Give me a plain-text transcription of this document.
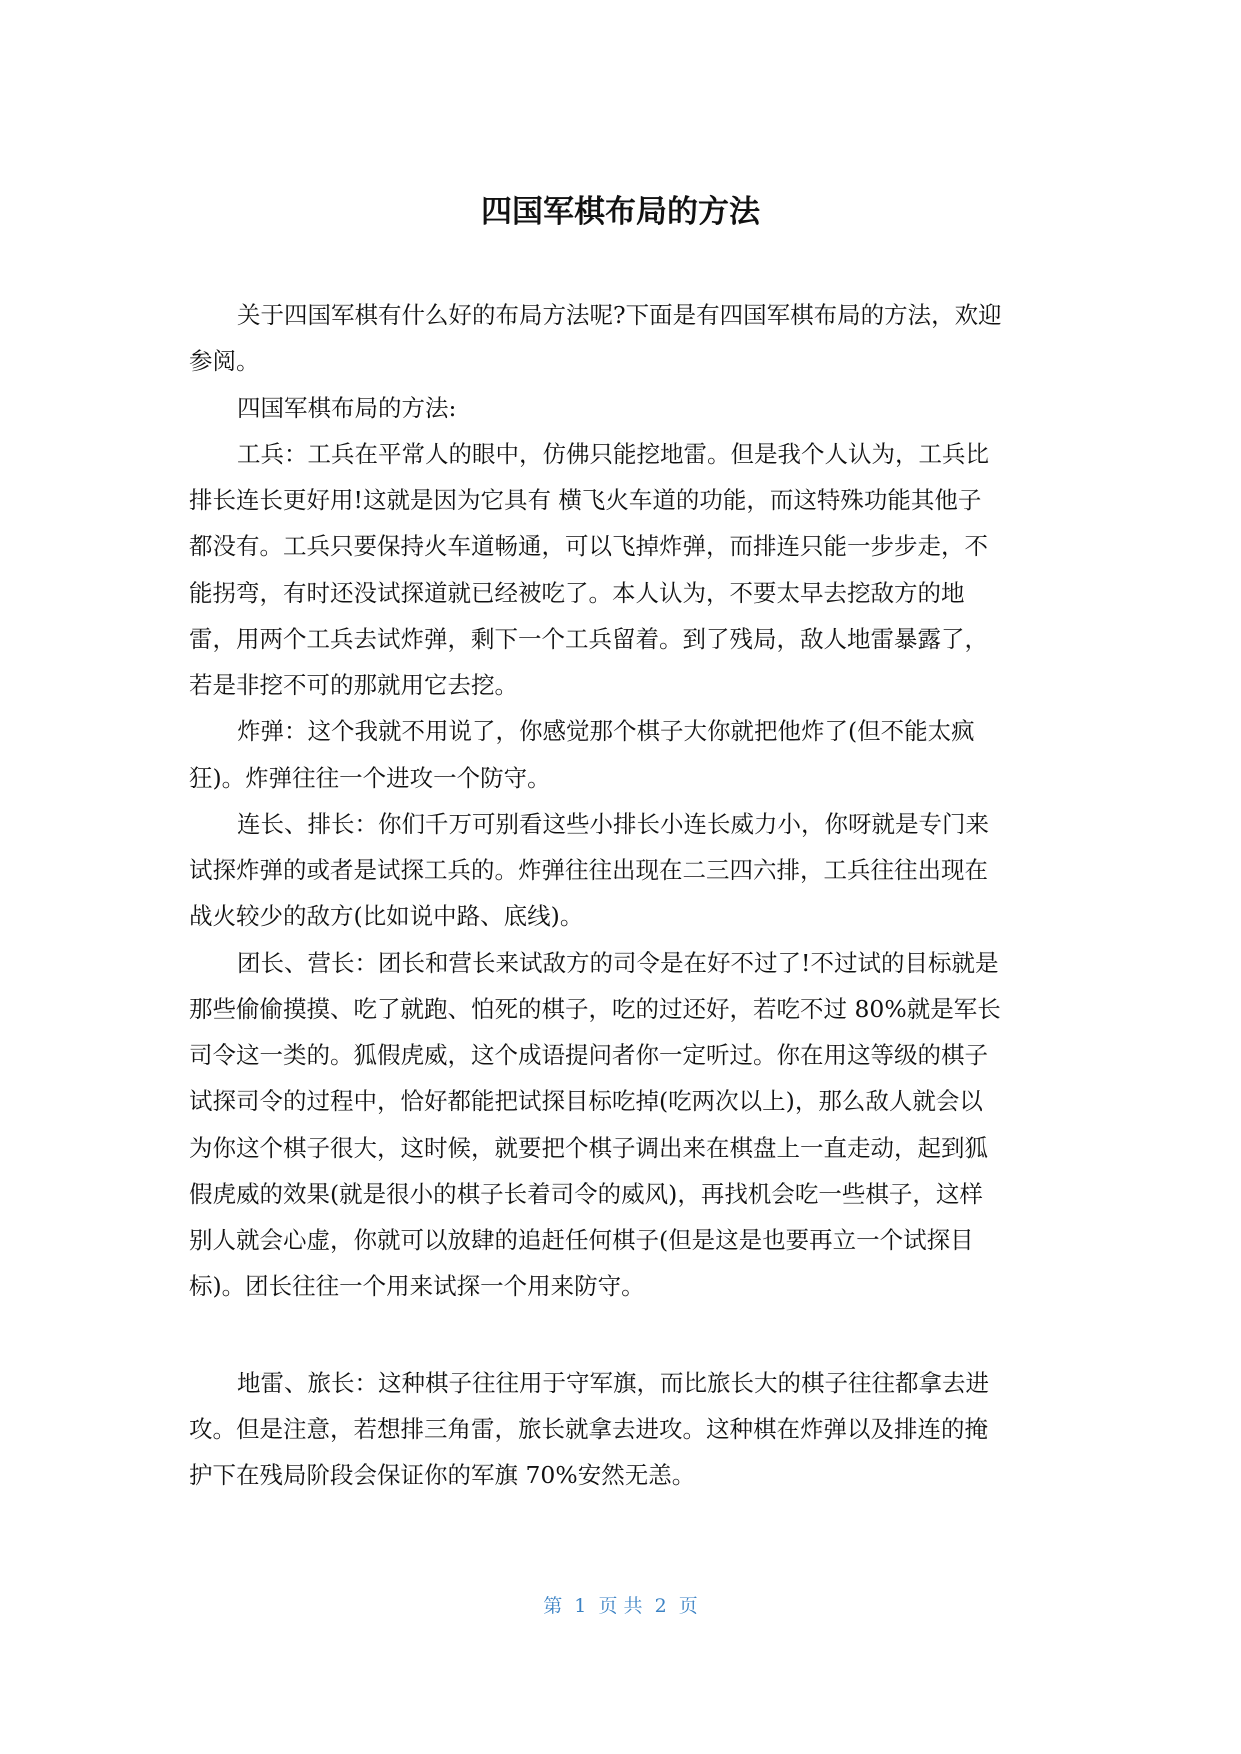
四国军棋布局的方法
关于四国军棋有什么好的布局方法呢?下面是有四国军棋布局的方法，欢迎
参阅。
四国军棋布局的方法:
工兵：工兵在平常人的眼中，仿佛只能挖地雷。但是我个人认为，工兵比
排长连长更好用!这就是因为它具有 横飞火车道的功能，而这特殊功能其他子
都没有。工兵只要保持火车道畅通，可以飞掉炸弹，而排连只能一步步走，不
能拐弯，有时还没试探道就已经被吃了。本人认为，不要太早去挖敌方的地
雷，用两个工兵去试炸弹，剩下一个工兵留着。到了残局，敌人地雷暴露了，
若是非挖不可的那就用它去挖。
炸弹：这个我就不用说了，你感觉那个棋子大你就把他炸了(但不能太疯
狂)。炸弹往往一个进攻一个防守。
连长、排长：你们千万可别看这些小排长小连长威力小，你呀就是专门来
试探炸弹的或者是试探工兵的。炸弹往往出现在二三四六排，工兵往往出现在
战火较少的敌方(比如说中路、底线)。
团长、营长：团长和营长来试敌方的司令是在好不过了!不过试的目标就是
那些偷偷摸摸、吃了就跑、怕死的棋子，吃的过还好，若吃不过 80%就是军长
司令这一类的。狐假虎威，这个成语提问者你一定听过。你在用这等级的棋子
试探司令的过程中，恰好都能把试探目标吃掉(吃两次以上)，那么敌人就会以
为你这个棋子很大，这时候，就要把个棋子调出来在棋盘上一直走动，起到狐
假虎威的效果(就是很小的棋子长着司令的威风)，再找机会吃一些棋子，这样
别人就会心虚，你就可以放肆的追赶任何棋子(但是这是也要再立一个试探目
标)。团长往往一个用来试探一个用来防守。
地雷、旅长：这种棋子往往用于守军旗，而比旅长大的棋子往往都拿去进
攻。但是注意，若想排三角雷，旅长就拿去进攻。这种棋在炸弹以及排连的掩
护下在残局阶段会保证你的军旗 70%安然无恙。
第  1  页 共  2  页
